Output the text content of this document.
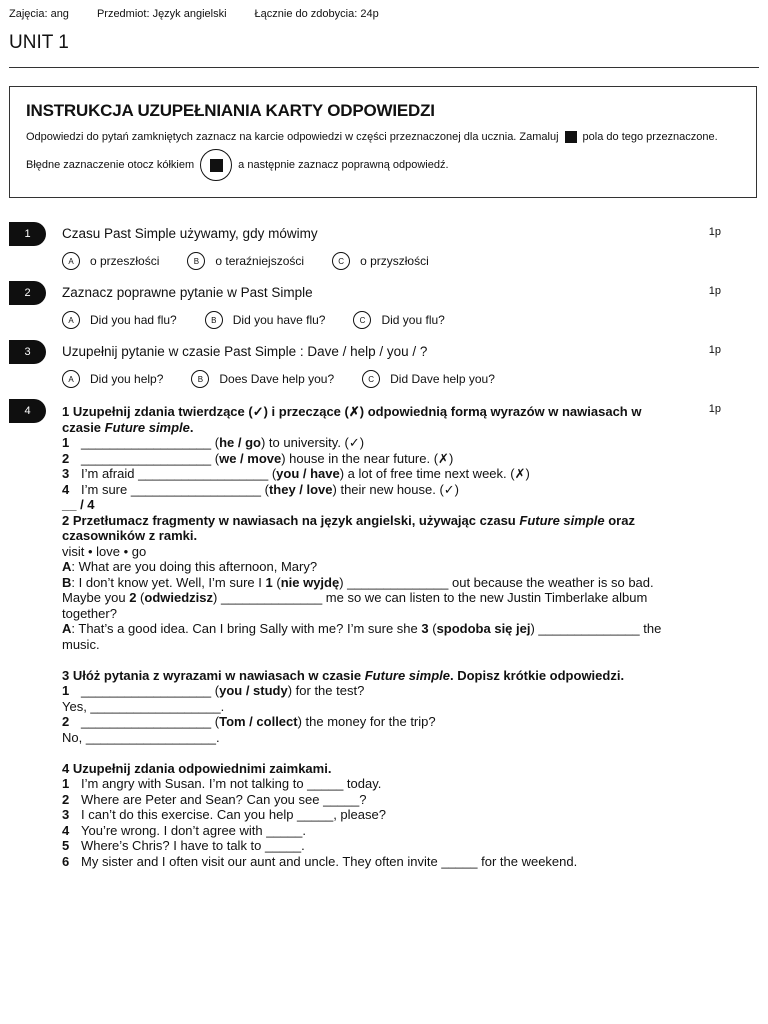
Zajęcia: ang	Przedmiot: Język angielski	Łącznie do zdobycia: 24p
UNIT 1
INSTRUKCJA UZUPEŁNIANIA KARTY ODPOWIEDZI
Odpowiedzi do pytań zamkniętych zaznacz na karcie odpowiedzi w części przeznaczonej dla ucznia. Zamaluj pola do tego przeznaczone.
Błędne zaznaczenie otocz kółkiem	a następnie zaznacz poprawną odpowiedź.
1	Czasu Past Simple używamy, gdy mówimy	1p
A	o przeszłości	B	o teraźniejszości	C	o przyszłości
2	Zaznacz poprawne pytanie w Past Simple	1p
A	Did you had flu?	B	Did you have flu?	C	Did you flu?
3	Uzupełnij pytanie w czasie Past Simple : Dave / help / you / ?	1p
A	Did you help?	B	Does Dave help you?	C	Did Dave help you?
4	1p

1 Uzupełnij zdania twierdzące (✓) i przeczące (✗) odpowiednią formą wyrazów w nawiasach w czasie Future simple.

1 __________________ (he / go) to university. (✓)

2 __________________ (we / move) house in the near future. (✗)

3 I’m afraid __________________ (you / have) a lot of free time next week. (✗)

4 I’m sure __________________ (they / love) their new house. (✓)

__ / 4

2 Przetłumacz fragmenty w nawiasach na język angielski, używając czasu Future simple oraz czasowników z ramki.

visit • love • go

A: What are you doing this afternoon, Mary?

B: I don’t know yet. Well, I’m sure I 1 (nie wyjdę) ______________ out because the weather is so bad. Maybe you 2 (odwiedzisz) ______________ me so we can listen to the new Justin Timberlake album together?

A: That’s a good idea. Can I bring Sally with me? I’m sure she 3 (spodoba się jej) ______________ the music.

3 Ułóż pytania z wyrazami w nawiasach w czasie Future simple. Dopisz krótkie odpowiedzi.

1 __________________ (you / study) for the test?

Yes, __________________.

2 __________________ (Tom / collect) the money for the trip?

No, __________________.

4 Uzupełnij zdania odpowiednimi zaimkami.

1 I’m angry with Susan. I’m not talking to _____ today.

2 Where are Peter and Sean? Can you see _____?

3 I can’t do this exercise. Can you help _____, please?

4 You’re wrong. I don’t agree with _____.

5 Where’s Chris? I have to talk to _____.

6 My sister and I often visit our aunt and uncle. They often invite _____ for the weekend.
